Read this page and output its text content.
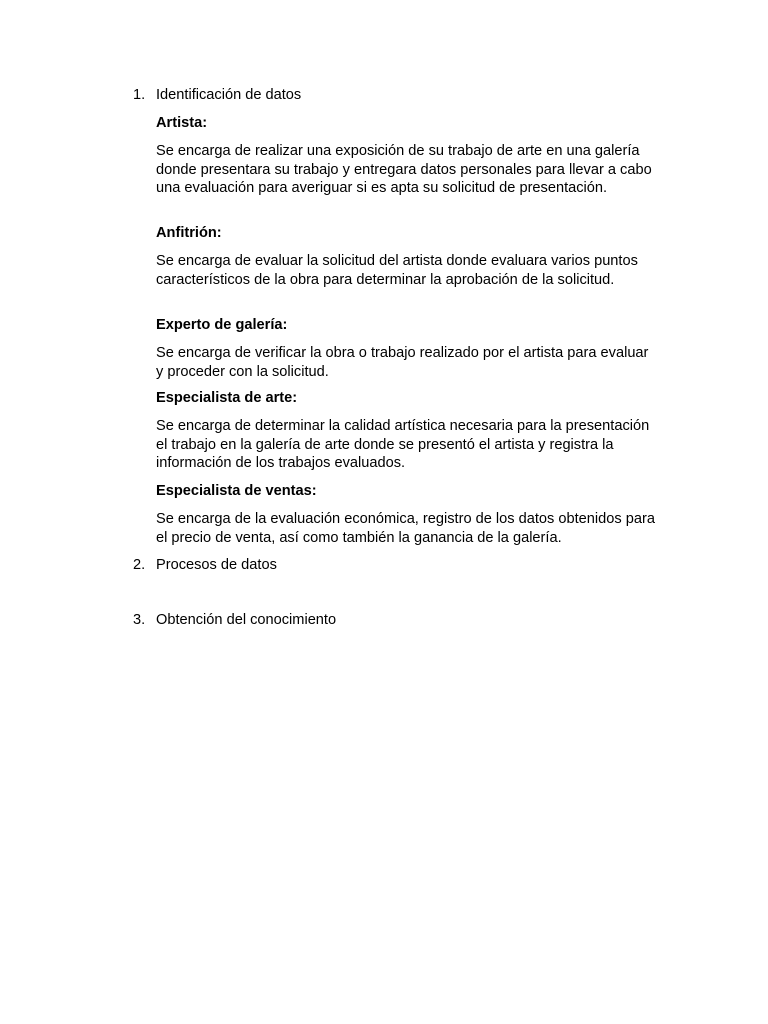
1. Identificación de datos
Artista:
Se encarga de realizar una exposición de su trabajo de arte en una galería donde presentara su trabajo y entregara datos personales para llevar a cabo una evaluación para averiguar si es apta su solicitud de presentación.
Anfitrión:
Se encarga de evaluar la solicitud del artista donde evaluara varios puntos característicos de la obra para determinar la aprobación de la solicitud.
Experto de galería:
Se encarga de verificar la obra o trabajo realizado por el artista para evaluar y proceder con la solicitud.
Especialista de arte:
Se encarga de determinar la calidad artística necesaria para la presentación el trabajo en la galería de arte donde se presentó el artista y registra la información de los trabajos evaluados.
Especialista de ventas:
Se encarga de la evaluación económica, registro de los datos obtenidos para el precio de venta, así como también la ganancia de la galería.
2. Procesos de datos
3. Obtención del conocimiento
